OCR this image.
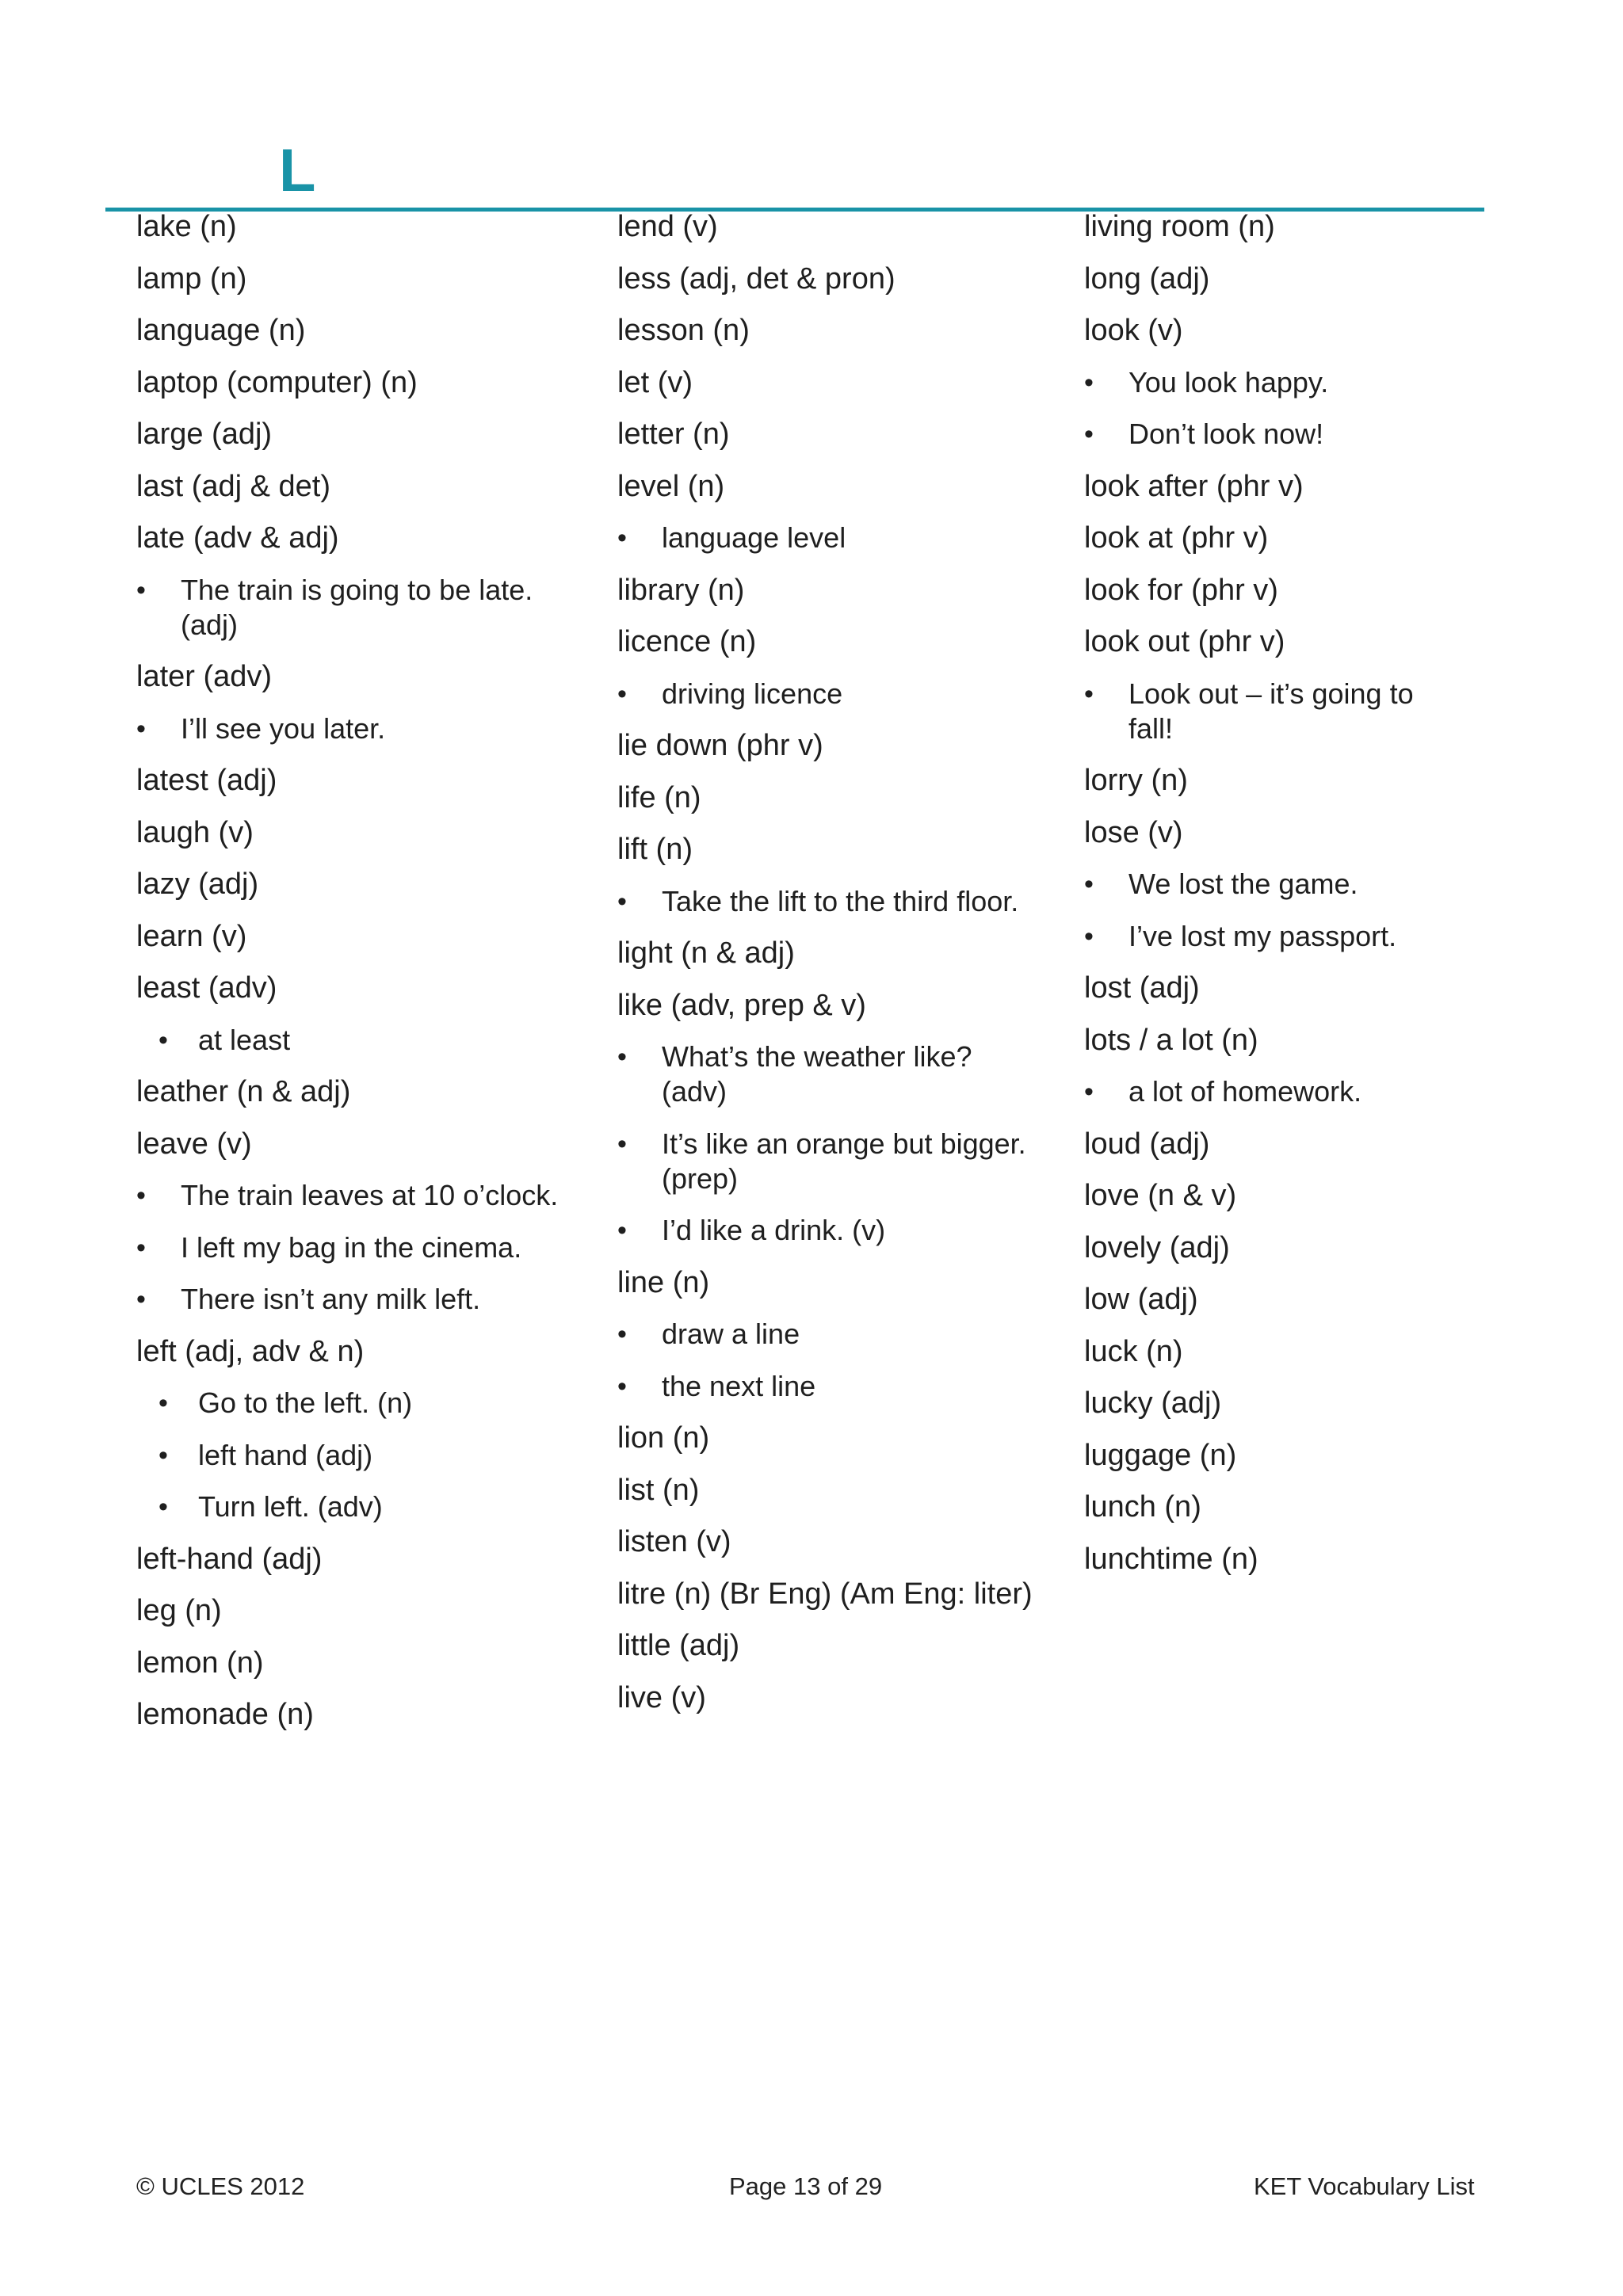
L
lake (n)
lamp (n)
language (n)
laptop (computer) (n)
large (adj)
last (adj & det)
late (adv & adj)
• The train is going to be late.
(adj)
later (adv)
• I’ll see you later.
latest (adj)
laugh (v)
lazy (adj)
learn (v)
least (adv)
• at least
leather (n & adj)
leave (v)
• The train leaves at 10 o’clock.
• I left my bag in the cinema.
• There isn’t any milk left.
left (adj, adv & n)
• Go to the left. (n)
• left hand (adj)
• Turn left. (adv)
left-hand (adj)
leg (n)
lemon (n)
lemonade (n)
lend (v)
less (adj, det & pron)
lesson (n)
let (v)
letter (n)
level (n)
• language level
library (n)
licence (n)
• driving licence
lie down (phr v)
life (n)
lift (n)
• Take the lift to the third floor.
light (n & adj)
like (adv, prep & v)
• What’s the weather like?
(adv)
• It’s like an orange but bigger.
(prep)
• I’d like a drink. (v)
line (n)
• draw a line
• the next line
lion (n)
list (n)
listen (v)
litre (n) (Br Eng) (Am Eng: liter)
little (adj)
live (v)
living room (n)
long (adj)
look (v)
• You look happy.
• Don’t look now!
look after (phr v)
look at (phr v)
look for (phr v)
look out (phr v)
• Look out – it’s going to
fall!
lorry (n)
lose (v)
• We lost the game.
• I’ve lost my passport.
lost (adj)
lots / a lot (n)
• a lot of homework.
loud (adj)
love (n & v)
lovely (adj)
low (adj)
luck (n)
lucky (adj)
luggage (n)
lunch (n)
lunchtime (n)
© UCLES 2012	Page 13 of 29	KET Vocabulary List
